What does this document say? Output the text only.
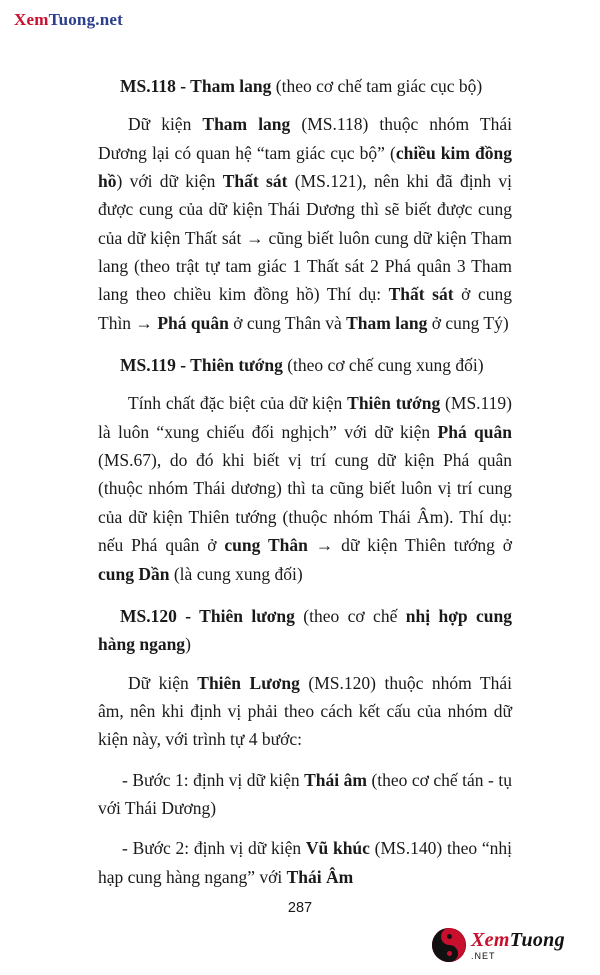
XemTuong.net

MS.118 - Tham lang (theo cơ chế tam giác cục bộ)

Dữ kiện Tham lang (MS.118) thuộc nhóm Thái Dương lại có quan hệ “tam giác cục bộ” (chiều kim đồng hồ) với dữ kiện Thất sát (MS.121), nên khi đã định vị được cung của dữ kiện Thái Dương thì sẽ biết được cung của dữ kiện Thất sát → cũng biết luôn cung dữ kiện Tham lang (theo trật tự tam giác 1 Thất sát 2 Phá quân 3 Tham lang theo chiều kim đồng hồ) Thí dụ: Thất sát ở cung Thìn → Phá quân ở cung Thân và Tham lang ở cung Tý)

MS.119 - Thiên tướng (theo cơ chế cung xung đối)

Tính chất đặc biệt của dữ kiện Thiên tướng (MS.119) là luôn “xung chiếu đối nghịch” với dữ kiện Phá quân (MS.67), do đó khi biết vị trí cung dữ kiện Phá quân (thuộc nhóm Thái dương) thì ta cũng biết luôn vị trí cung của dữ kiện Thiên tướng (thuộc nhóm Thái Âm). Thí dụ: nếu Phá quân ở cung Thân → dữ kiện Thiên tướng ở cung Dần (là cung xung đối)

MS.120 - Thiên lương (theo cơ chế nhị hợp cung hàng ngang)

Dữ kiện Thiên Lương (MS.120) thuộc nhóm Thái âm, nên khi định vị phải theo cách kết cấu của nhóm dữ kiện này, với trình tự 4 bước:

- Bước 1: định vị dữ kiện Thái âm (theo cơ chế tán - tụ với Thái Dương)

- Bước 2: định vị dữ kiện Vũ khúc (MS.140) theo “nhị hạp cung hàng ngang” với Thái Âm

287
XemTuong
.NET
